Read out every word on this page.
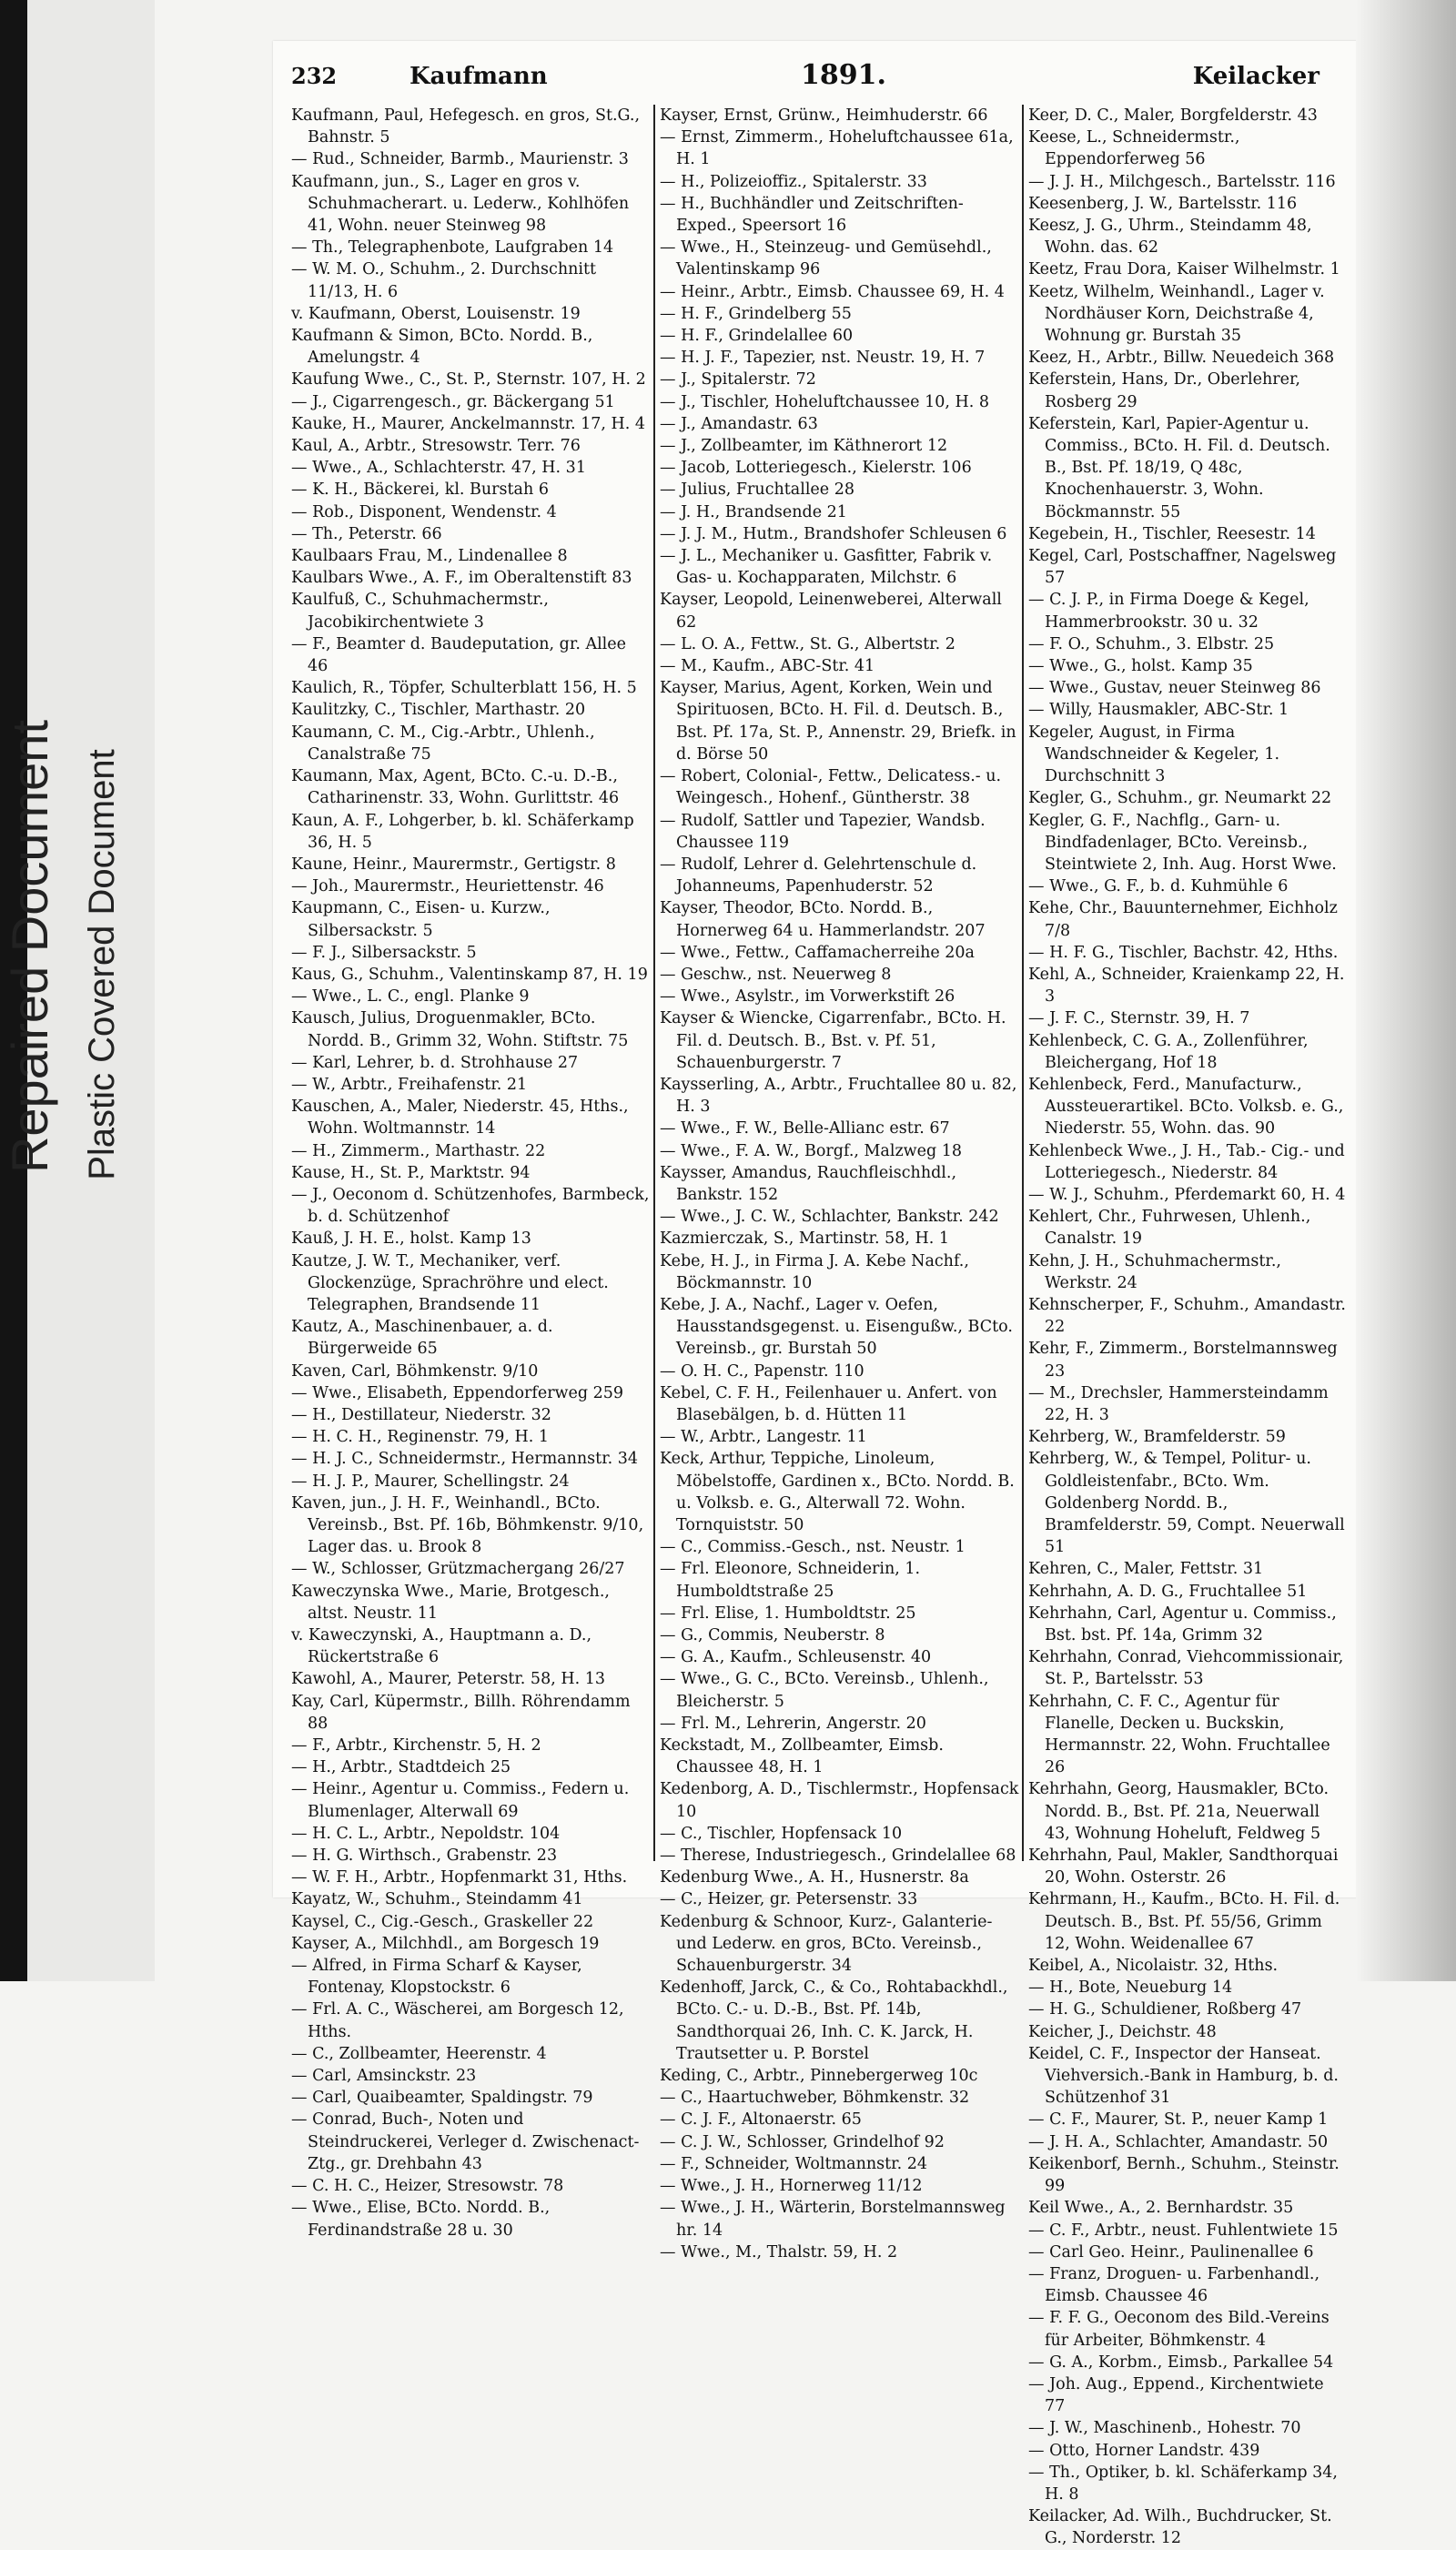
Repaired Document Plastic Covered Document
232	Kaufmann	1891.	Keilacker

Kaufmann, Paul, Hefegesch. en gros, St.G., Bahnstr. 5

— Rud., Schneider, Barmb., Maurienstr. 3

Kaufmann, jun., S., Lager en gros v. Schuhmacherart. u. Lederw., Kohlhöfen 41, Wohn. neuer Steinweg 98

— Th., Telegraphenbote, Laufgraben 14

— W. M. O., Schuhm., 2. Durchschnitt 11/13, H. 6

v. Kaufmann, Oberst, Louisenstr. 19

Kaufmann & Simon, BCto. Nordd. B., Amelungstr. 4

Kaufung Wwe., C., St. P., Sternstr. 107, H. 2

— J., Cigarrengesch., gr. Bäckergang 51

Kauke, H., Maurer, Anckelmannstr. 17, H. 4

Kaul, A., Arbtr., Stresowstr. Terr. 76

— Wwe., A., Schlachterstr. 47, H. 31

— K. H., Bäckerei, kl. Burstah 6

— Rob., Disponent, Wendenstr. 4

— Th., Peterstr. 66

Kaulbaars Frau, M., Lindenallee 8

Kaulbars Wwe., A. F., im Oberaltenstift 83

Kaulfuß, C., Schuhmachermstr., Jacobikirchentwiete 3

— F., Beamter d. Baudeputation, gr. Allee 46

Kaulich, R., Töpfer, Schulterblatt 156, H. 5

Kaulitzky, C., Tischler, Marthastr. 20

Kaumann, C. M., Cig.-Arbtr., Uhlenh., Canalstraße 75

Kaumann, Max, Agent, BCto. C.-u. D.-B., Catharinenstr. 33, Wohn. Gurlittstr. 46

Kaun, A. F., Lohgerber, b. kl. Schäferkamp 36, H. 5

Kaune, Heinr., Maurermstr., Gertigstr. 8

— Joh., Maurermstr., Heuriettenstr. 46

Kaupmann, C., Eisen- u. Kurzw., Silbersackstr. 5

— F. J., Silbersackstr. 5

Kaus, G., Schuhm., Valentinskamp 87, H. 19

— Wwe., L. C., engl. Planke 9

Kausch, Julius, Droguenmakler, BCto. Nordd. B., Grimm 32, Wohn. Stiftstr. 75

— Karl, Lehrer, b. d. Strohhause 27

— W., Arbtr., Freihafenstr. 21

Kauschen, A., Maler, Niederstr. 45, Hths., Wohn. Woltmannstr. 14

— H., Zimmerm., Marthastr. 22

Kause, H., St. P., Marktstr. 94

— J., Oeconom d. Schützenhofes, Barmbeck, b. d. Schützenhof

Kauß, J. H. E., holst. Kamp 13

Kautze, J. W. T., Mechaniker, verf. Glockenzüge, Sprachröhre und elect. Telegraphen, Brandsende 11

Kautz, A., Maschinenbauer, a. d. Bürgerweide 65

Kaven, Carl, Böhmkenstr. 9/10

— Wwe., Elisabeth, Eppendorferweg 259

— H., Destillateur, Niederstr. 32

— H. C. H., Reginenstr. 79, H. 1

— H. J. C., Schneidermstr., Hermannstr. 34

— H. J. P., Maurer, Schellingstr. 24

Kaven, jun., J. H. F., Weinhandl., BCto. Vereinsb., Bst. Pf. 16b, Böhmkenstr. 9/10, Lager das. u. Brook 8

— W., Schlosser, Grützmachergang 26/27

Kaweczynska Wwe., Marie, Brotgesch., altst. Neustr. 11

v. Kaweczynski, A., Hauptmann a. D., Rückertstraße 6

Kawohl, A., Maurer, Peterstr. 58, H. 13

Kay, Carl, Küpermstr., Billh. Röhrendamm 88

— F., Arbtr., Kirchenstr. 5, H. 2

— H., Arbtr., Stadtdeich 25

— Heinr., Agentur u. Commiss., Federn u. Blumenlager, Alterwall 69

— H. C. L., Arbtr., Nepoldstr. 104

— H. G. Wirthsch., Grabenstr. 23

— W. F. H., Arbtr., Hopfenmarkt 31, Hths.

Kayatz, W., Schuhm., Steindamm 41

Kaysel, C., Cig.-Gesch., Graskeller 22

Kayser, A., Milchhdl., am Borgesch 19

— Alfred, in Firma Scharf & Kayser, Fontenay, Klopstockstr. 6

— Frl. A. C., Wäscherei, am Borgesch 12, Hths.

— C., Zollbeamter, Heerenstr. 4

— Carl, Amsinckstr. 23

— Carl, Quaibeamter, Spaldingstr. 79

— Conrad, Buch-, Noten und Steindruckerei, Verleger d. Zwischenact-Ztg., gr. Drehbahn 43

— C. H. C., Heizer, Stresowstr. 78

— Wwe., Elise, BCto. Nordd. B., Ferdinandstraße 28 u. 30

Kayser, Ernst, Grünw., Heimhuderstr. 66

— Ernst, Zimmerm., Hoheluftchaussee 61a, H. 1

— H., Polizeioffiz., Spitalerstr. 33

— H., Buchhändler und Zeitschriften-Exped., Speersort 16

— Wwe., H., Steinzeug- und Gemüsehdl., Valentinskamp 96

— Heinr., Arbtr., Eimsb. Chaussee 69, H. 4

— H. F., Grindelberg 55

— H. F., Grindelallee 60

— H. J. F., Tapezier, nst. Neustr. 19, H. 7

— J., Spitalerstr. 72

— J., Tischler, Hoheluftchaussee 10, H. 8

— J., Amandastr. 63

— J., Zollbeamter, im Käthnerort 12

— Jacob, Lotteriegesch., Kielerstr. 106

— Julius, Fruchtallee 28

— J. H., Brandsende 21

— J. J. M., Hutm., Brandshofer Schleusen 6

— J. L., Mechaniker u. Gasfitter, Fabrik v. Gas- u. Kochapparaten, Milchstr. 6

Kayser, Leopold, Leinenweberei, Alterwall 62

— L. O. A., Fettw., St. G., Albertstr. 2

— M., Kaufm., ABC-Str. 41

Kayser, Marius, Agent, Korken, Wein und Spirituosen, BCto. H. Fil. d. Deutsch. B., Bst. Pf. 17a, St. P., Annenstr. 29, Briefk. in d. Börse 50

— Robert, Colonial-, Fettw., Delicatess.- u. Weingesch., Hohenf., Güntherstr. 38

— Rudolf, Sattler und Tapezier, Wandsb. Chaussee 119

— Rudolf, Lehrer d. Gelehrtenschule d. Johanneums, Papenhuderstr. 52

Kayser, Theodor, BCto. Nordd. B., Hornerweg 64 u. Hammerlandstr. 207

— Wwe., Fettw., Caffamacherreihe 20a

— Geschw., nst. Neuerweg 8

— Wwe., Asylstr., im Vorwerkstift 26

Kayser & Wiencke, Cigarrenfabr., BCto. H. Fil. d. Deutsch. B., Bst. v. Pf. 51, Schauenburgerstr. 7

Kaysserling, A., Arbtr., Fruchtallee 80 u. 82, H. 3

— Wwe., F. W., Belle-Allianc estr. 67

— Wwe., F. A. W., Borgf., Malzweg 18

Kaysser, Amandus, Rauchfleischhdl., Bankstr. 152

— Wwe., J. C. W., Schlachter, Bankstr. 242

Kazmierczak, S., Martinstr. 58, H. 1

Kebe, H. J., in Firma J. A. Kebe Nachf., Böckmannstr. 10

Kebe, J. A., Nachf., Lager v. Oefen, Hausstandsgegenst. u. Eisengußw., BCto. Vereinsb., gr. Burstah 50

— O. H. C., Papenstr. 110

Kebel, C. F. H., Feilenhauer u. Anfert. von Blasebälgen, b. d. Hütten 11

— W., Arbtr., Langestr. 11

Keck, Arthur, Teppiche, Linoleum, Möbelstoffe, Gardinen x., BCto. Nordd. B. u. Volksb. e. G., Alterwall 72. Wohn. Tornquiststr. 50

— C., Commiss.-Gesch., nst. Neustr. 1

— Frl. Eleonore, Schneiderin, 1. Humboldtstraße 25

— Frl. Elise, 1. Humboldtstr. 25

— G., Commis, Neuberstr. 8

— G. A., Kaufm., Schleusenstr. 40

— Wwe., G. C., BCto. Vereinsb., Uhlenh., Bleicherstr. 5

— Frl. M., Lehrerin, Angerstr. 20

Keckstadt, M., Zollbeamter, Eimsb. Chaussee 48, H. 1

Kedenborg, A. D., Tischlermstr., Hopfensack 10

— C., Tischler, Hopfensack 10

— Therese, Industriegesch., Grindelallee 68

Kedenburg Wwe., A. H., Husnerstr. 8a

— C., Heizer, gr. Petersenstr. 33

Kedenburg & Schnoor, Kurz-, Galanterie- und Lederw. en gros, BCto. Vereinsb., Schauenburgerstr. 34

Kedenhoff, Jarck, C., & Co., Rohtabackhdl., BCto. C.- u. D.-B., Bst. Pf. 14b, Sandthorquai 26, Inh. C. K. Jarck, H. Trautsetter u. P. Borstel

Keding, C., Arbtr., Pinnebergerweg 10c

— C., Haartuchweber, Böhmkenstr. 32

— C. J. F., Altonaerstr. 65

— C. J. W., Schlosser, Grindelhof 92

— F., Schneider, Woltmannstr. 24

— Wwe., J. H., Hornerweg 11/12

— Wwe., J. H., Wärterin, Borstelmannsweg hr. 14

— Wwe., M., Thalstr. 59, H. 2

Keer, D. C., Maler, Borgfelderstr. 43

Keese, L., Schneidermstr., Eppendorferweg 56

— J. J. H., Milchgesch., Bartelsstr. 116

Keesenberg, J. W., Bartelsstr. 116

Keesz, J. G., Uhrm., Steindamm 48, Wohn. das. 62

Keetz, Frau Dora, Kaiser Wilhelmstr. 1

Keetz, Wilhelm, Weinhandl., Lager v. Nordhäuser Korn, Deichstraße 4, Wohnung gr. Burstah 35

Keez, H., Arbtr., Billw. Neuedeich 368

Keferstein, Hans, Dr., Oberlehrer, Rosberg 29

Keferstein, Karl, Papier-Agentur u. Commiss., BCto. H. Fil. d. Deutsch. B., Bst. Pf. 18/19, Q 48c, Knochenhauerstr. 3, Wohn. Böckmannstr. 55

Kegebein, H., Tischler, Reesestr. 14

Kegel, Carl, Postschaffner, Nagelsweg 57

— C. J. P., in Firma Doege & Kegel, Hammerbrookstr. 30 u. 32

— F. O., Schuhm., 3. Elbstr. 25

— Wwe., G., holst. Kamp 35

— Wwe., Gustav, neuer Steinweg 86

— Willy, Hausmakler, ABC-Str. 1

Kegeler, August, in Firma Wandschneider & Kegeler, 1. Durchschnitt 3

Kegler, G., Schuhm., gr. Neumarkt 22

Kegler, G. F., Nachflg., Garn- u. Bindfadenlager, BCto. Vereinsb., Steintwiete 2, Inh. Aug. Horst Wwe.

— Wwe., G. F., b. d. Kuhmühle 6

Kehe, Chr., Bauunternehmer, Eichholz 7/8

— H. F. G., Tischler, Bachstr. 42, Hths.

Kehl, A., Schneider, Kraienkamp 22, H. 3

— J. F. C., Sternstr. 39, H. 7

Kehlenbeck, C. G. A., Zollenführer, Bleichergang, Hof 18

Kehlenbeck, Ferd., Manufacturw., Aussteuerartikel. BCto. Volksb. e. G., Niederstr. 55, Wohn. das. 90

Kehlenbeck Wwe., J. H., Tab.- Cig.- und Lotteriegesch., Niederstr. 84

— W. J., Schuhm., Pferdemarkt 60, H. 4

Kehlert, Chr., Fuhrwesen, Uhlenh., Canalstr. 19

Kehn, J. H., Schuhmachermstr., Werkstr. 24

Kehnscherper, F., Schuhm., Amandastr. 22

Kehr, F., Zimmerm., Borstelmannsweg 23

— M., Drechsler, Hammersteindamm 22, H. 3

Kehrberg, W., Bramfelderstr. 59

Kehrberg, W., & Tempel, Politur- u. Goldleistenfabr., BCto. Wm. Goldenberg Nordd. B., Bramfelderstr. 59, Compt. Neuerwall 51

Kehren, C., Maler, Fettstr. 31

Kehrhahn, A. D. G., Fruchtallee 51

Kehrhahn, Carl, Agentur u. Commiss., Bst. bst. Pf. 14a, Grimm 32

Kehrhahn, Conrad, Viehcommissionair, St. P., Bartelsstr. 53

Kehrhahn, C. F. C., Agentur für Flanelle, Decken u. Buckskin, Hermannstr. 22, Wohn. Fruchtallee 26

Kehrhahn, Georg, Hausmakler, BCto. Nordd. B., Bst. Pf. 21a, Neuerwall 43, Wohnung Hoheluft, Feldweg 5

Kehrhahn, Paul, Makler, Sandthorquai 20, Wohn. Osterstr. 26

Kehrmann, H., Kaufm., BCto. H. Fil. d. Deutsch. B., Bst. Pf. 55/56, Grimm 12, Wohn. Weidenallee 67

Keibel, A., Nicolaistr. 32, Hths.

— H., Bote, Neueburg 14

— H. G., Schuldiener, Roßberg 47

Keicher, J., Deichstr. 48

Keidel, C. F., Inspector der Hanseat. Viehversich.-Bank in Hamburg, b. d. Schützenhof 31

— C. F., Maurer, St. P., neuer Kamp 1

— J. H. A., Schlachter, Amandastr. 50

Keikenborf, Bernh., Schuhm., Steinstr. 99

Keil Wwe., A., 2. Bernhardstr. 35

— C. F., Arbtr., neust. Fuhlentwiete 15

— Carl Geo. Heinr., Paulinenallee 6

— Franz, Droguen- u. Farbenhandl., Eimsb. Chaussee 46

— F. F. G., Oeconom des Bild.-Vereins für Arbeiter, Böhmkenstr. 4

— G. A., Korbm., Eimsb., Parkallee 54

— Joh. Aug., Eppend., Kirchentwiete 77

— J. W., Maschinenb., Hohestr. 70

— Otto, Horner Landstr. 439

— Th., Optiker, b. kl. Schäferkamp 34, H. 8

Keilacker, Ad. Wilh., Buchdrucker, St. G., Norderstr. 12
